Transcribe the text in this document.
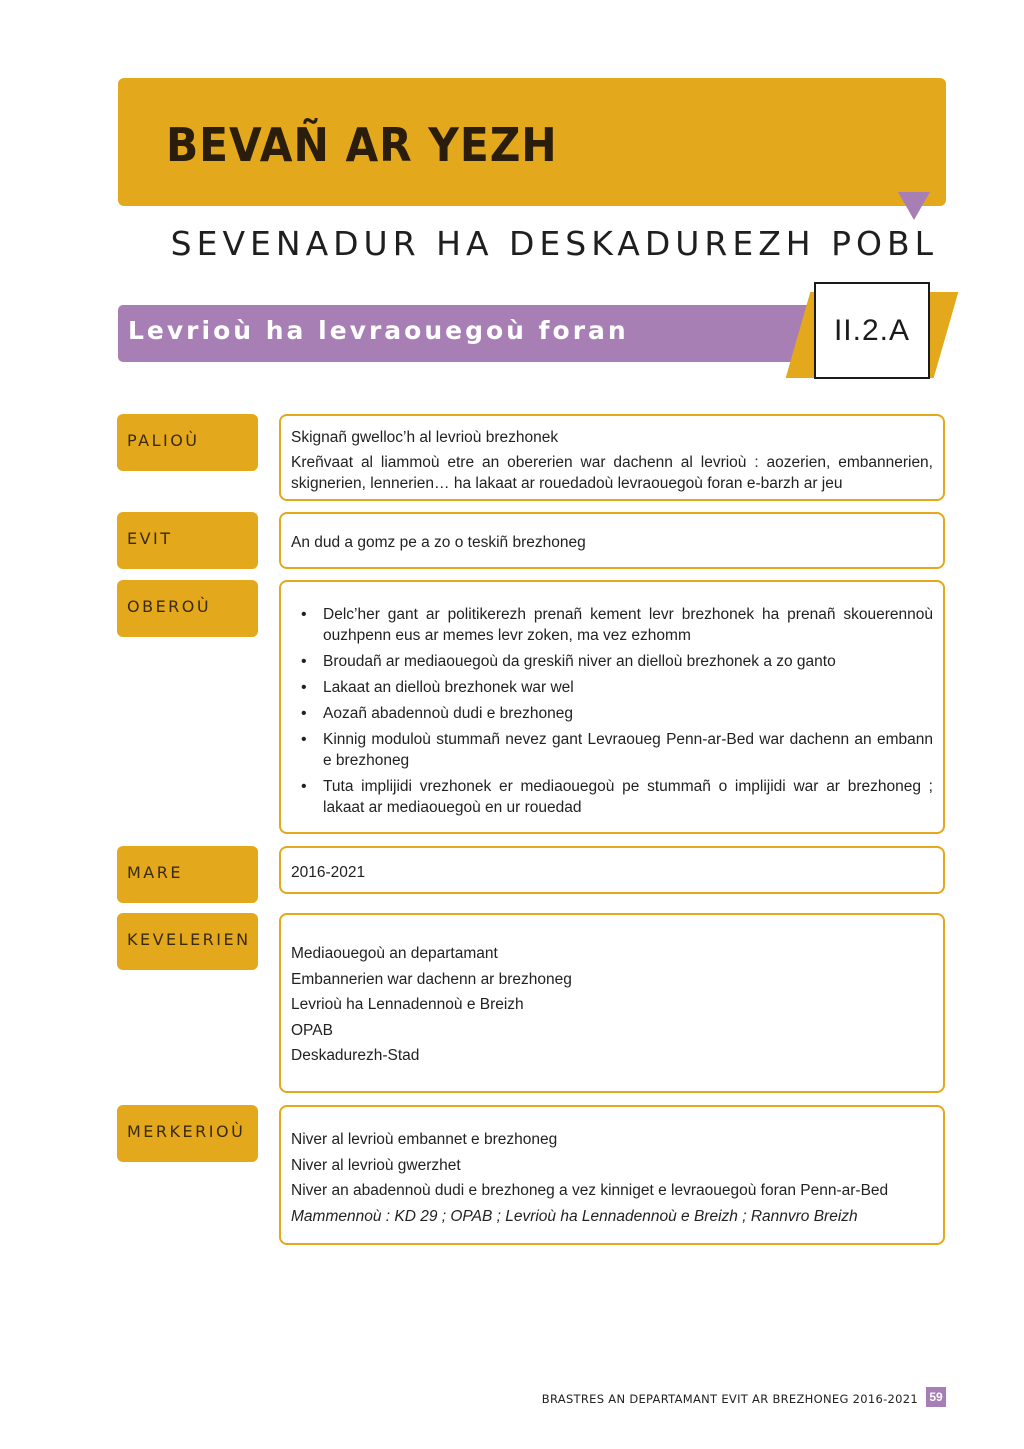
BEVAÑ AR YEZH
SEVENADUR HA DESKADUREZH POBL
Levrioù ha levraouegoù foran	II.2.A
PALIOÙ	Skignañ gwelloc’h al levrioù brezhonek

Kreñvaat al liammoù etre an obererien war dachenn al levrioù : aozerien, embannerien, skignerien, lennerien… ha lakaat ar rouedadoù levraouegoù foran e-barzh ar jeu

EVIT	An dud a gomz pe a zo o teskiñ brezhoneg

OBEROÙ
•	Delc’her gant ar politikerezh prenañ kement levr brezhonek ha prenañ skouerennoù ouzhpenn eus ar memes levr zoken, ma vez ezhomm
• Broudañ ar mediaouegoù da greskiñ niver an dielloù brezhonek a zo ganto
• Lakaat an dielloù brezhonek war wel
• Aozañ abadennoù dudi e brezhoneg
• Kinnig moduloù stummañ nevez gant Levraoueg Penn-ar-Bed war dachenn an embann e brezhoneg
• Tuta implijidi vrezhonek er mediaouegoù pe stummañ o implijidi war ar brezhoneg ; lakaat ar mediaouegoù en ur rouedad
MARE	2016-2021

KEVELERIEN
Mediaouegoù an departamant
Embannerien war dachenn ar brezhoneg
Levrioù ha Lennadennoù e Breizh
OPAB
Deskadurezh-Stad
MERKERIOÙ	Niver al levrioù embannet e brezhoneg
Niver al levrioù gwerzhet
Niver an abadennoù dudi e brezhoneg a vez kinniget e levraouegoù foran Penn-ar-Bed
Mammennoù : KD 29 ; OPAB ; Levrioù ha Lennadennoù e Breizh ; Rannvro Breizh
BRASTRES AN DEPARTAMANT EVIT AR BREZHONEG 2016-2021 59
